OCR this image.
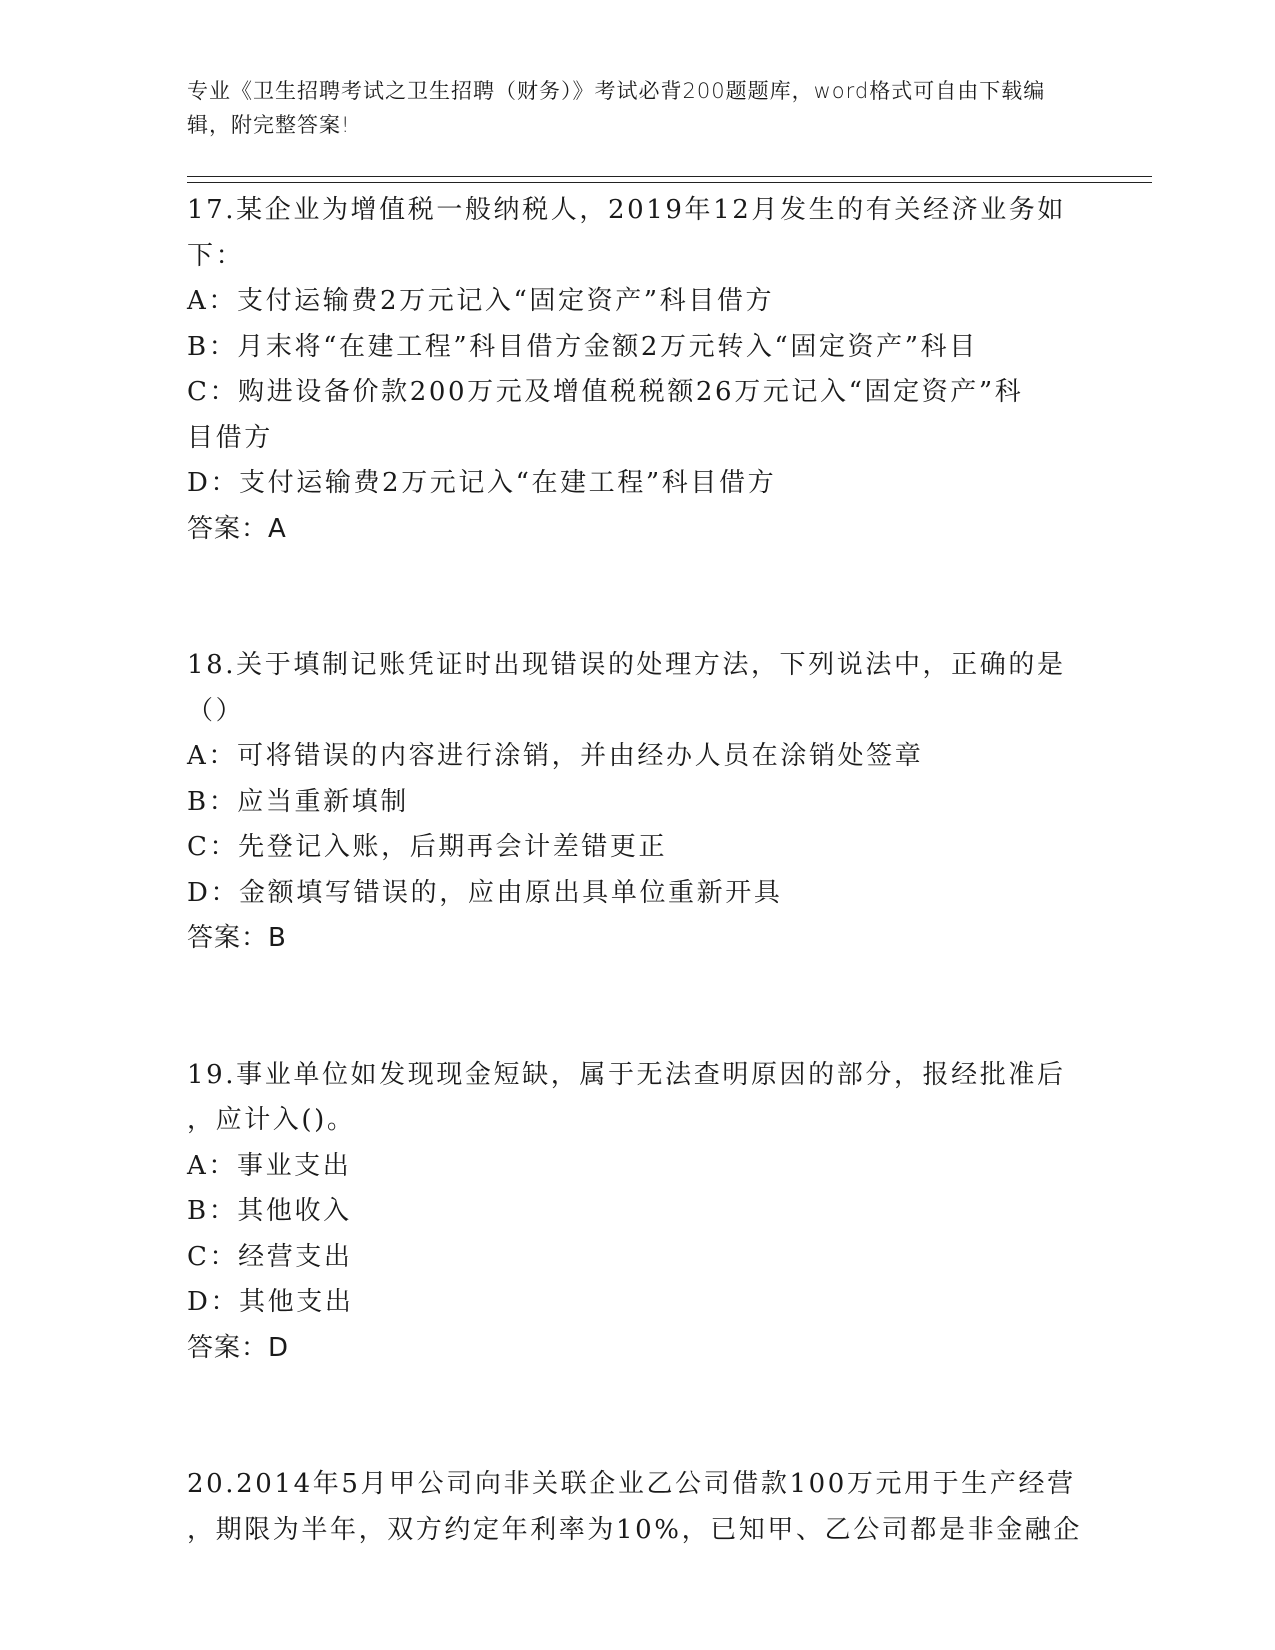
专业《卫生招聘考试之卫生招聘（财务）》考试必背200题题库，word格式可自由下载编辑，附完整答案!
17.某企业为增值税一般纳税人，2019年12月发生的有关经济业务如
下：
A：支付运输费2万元记入“固定资产”科目借方
B：月末将“在建工程”科目借方金额2万元转入“固定资产”科目
C：购进设备价款200万元及增值税税额26万元记入“固定资产”科
目借方
D：支付运输费2万元记入“在建工程”科目借方
答案：A
18.关于填制记账凭证时出现错误的处理方法，下列说法中，正确的是
（）
A：可将错误的内容进行涂销，并由经办人员在涂销处签章
B：应当重新填制
C：先登记入账，后期再会计差错更正
D：金额填写错误的，应由原出具单位重新开具
答案：B
19.事业单位如发现现金短缺，属于无法查明原因的部分，报经批准后
，应计入()。
A：事业支出
B：其他收入
C：经营支出
D：其他支出
答案：D
20.2014年5月甲公司向非关联企业乙公司借款100万元用于生产经营
，期限为半年，双方约定年利率为10%，已知甲、乙公司都是非金融企
